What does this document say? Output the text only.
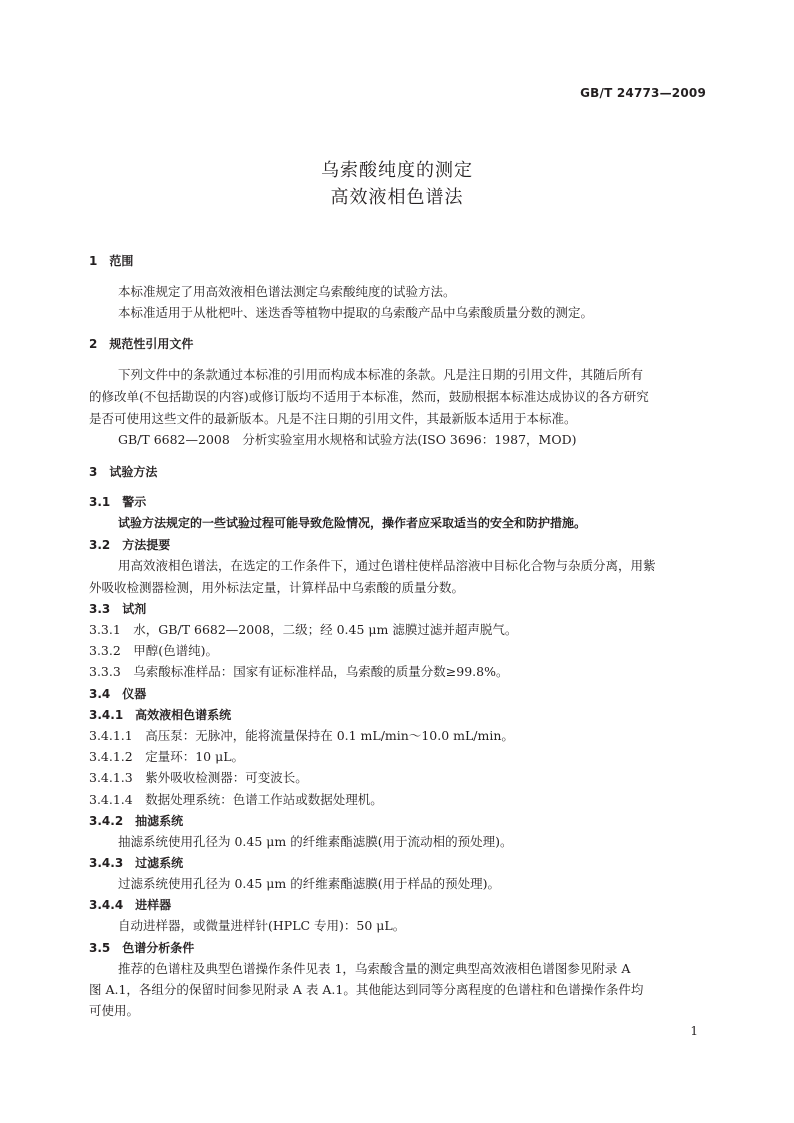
GB/T 24773—2009
乌索酸纯度的测定
高效液相色谱法
1　范围
本标准规定了用高效液相色谱法测定乌索酸纯度的试验方法。
本标准适用于从枇杷叶、迷迭香等植物中提取的乌索酸产品中乌索酸质量分数的测定。
2　规范性引用文件
下列文件中的条款通过本标准的引用而构成本标准的条款。凡是注日期的引用文件，其随后所有
的修改单(不包括勘误的内容)或修订版均不适用于本标准，然而，鼓励根据本标准达成协议的各方研究
是否可使用这些文件的最新版本。凡是不注日期的引用文件，其最新版本适用于本标准。
GB/T 6682—2008　分析实验室用水规格和试验方法(ISO 3696：1987，MOD)
3　试验方法
3.1　警示
试验方法规定的一些试验过程可能导致危险情况，操作者应采取适当的安全和防护措施。
3.2　方法提要
用高效液相色谱法，在选定的工作条件下，通过色谱柱使样品溶液中目标化合物与杂质分离，用紫
外吸收检测器检测，用外标法定量，计算样品中乌索酸的质量分数。
3.3　试剂
3.3.1　水，GB/T 6682—2008，二级；经 0.45 μm 滤膜过滤并超声脱气。
3.3.2　甲醇(色谱纯)。
3.3.3　乌索酸标准样品：国家有证标准样品，乌索酸的质量分数≥99.8%。
3.4　仪器
3.4.1　高效液相色谱系统
3.4.1.1　高压泵：无脉冲，能将流量保持在 0.1 mL/min～10.0 mL/min。
3.4.1.2　定量环：10 μL。
3.4.1.3　紫外吸收检测器：可变波长。
3.4.1.4　数据处理系统：色谱工作站或数据处理机。
3.4.2　抽滤系统
抽滤系统使用孔径为 0.45 μm 的纤维素酯滤膜(用于流动相的预处理)。
3.4.3　过滤系统
过滤系统使用孔径为 0.45 μm 的纤维素酯滤膜(用于样品的预处理)。
3.4.4　进样器
自动进样器，或微量进样针(HPLC 专用)：50 μL。
3.5　色谱分析条件
推荐的色谱柱及典型色谱操作条件见表 1，乌索酸含量的测定典型高效液相色谱图参见附录 A
图 A.1，各组分的保留时间参见附录 A 表 A.1。其他能达到同等分离程度的色谱柱和色谱操作条件均
可使用。
1
